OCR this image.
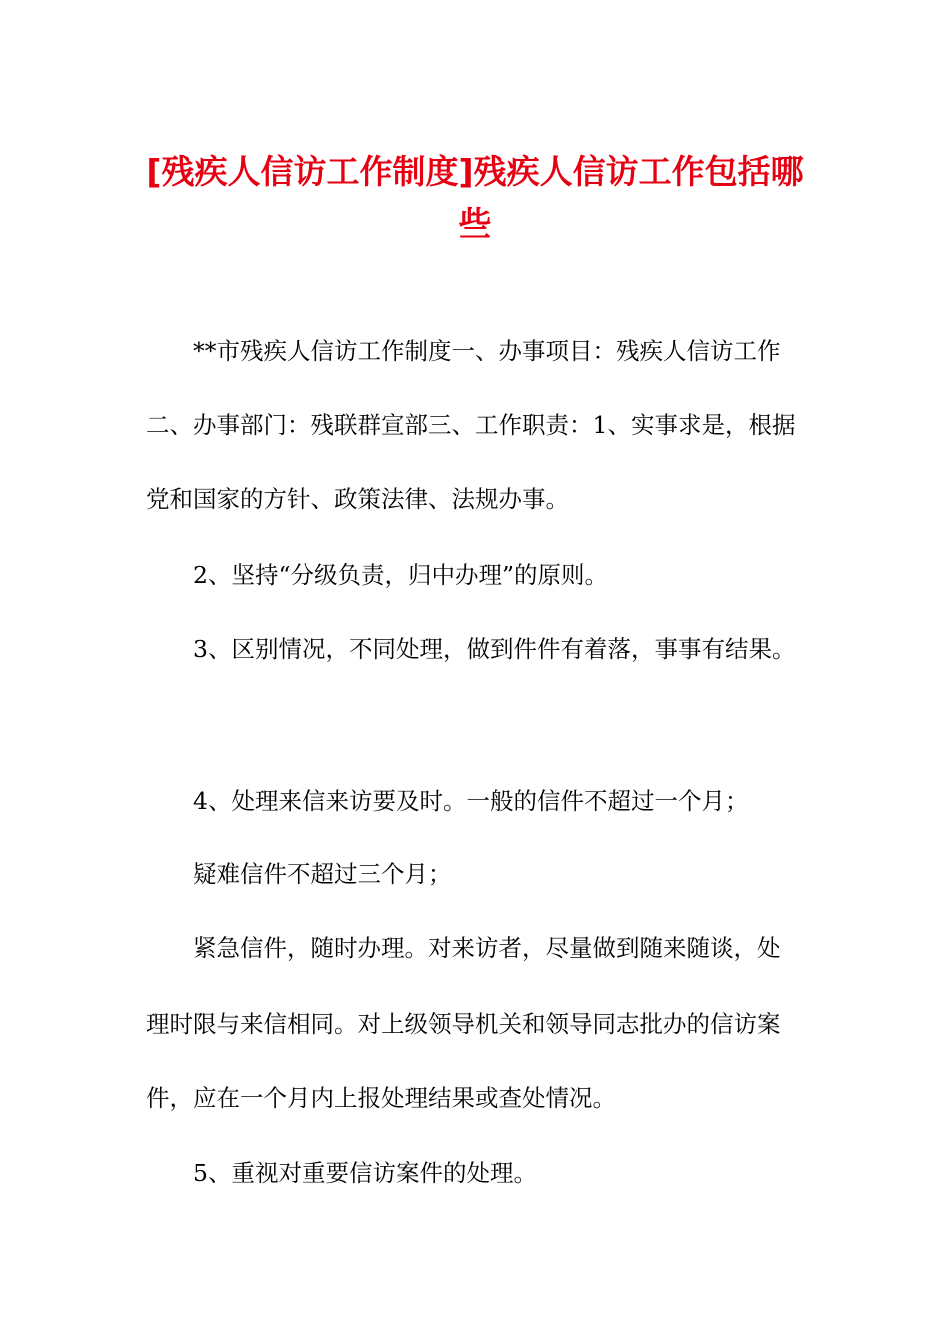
[残疾人信访工作制度]残疾人信访工作包括哪些

**市残疾人信访工作制度一、办事项目：残疾人信访工作

二、办事部门：残联群宣部三、工作职责：1、实事求是，根据

党和国家的方针、政策法律、法规办事。

2、坚持“分级负责，归中办理”的原则。

3、区别情况，不同处理，做到件件有着落，事事有结果。

4、处理来信来访要及时。一般的信件不超过一个月；

疑难信件不超过三个月；

紧急信件，随时办理。对来访者，尽量做到随来随谈，处

理时限与来信相同。对上级领导机关和领导同志批办的信访案

件，应在一个月内上报处理结果或查处情况。

5、重视对重要信访案件的处理。
